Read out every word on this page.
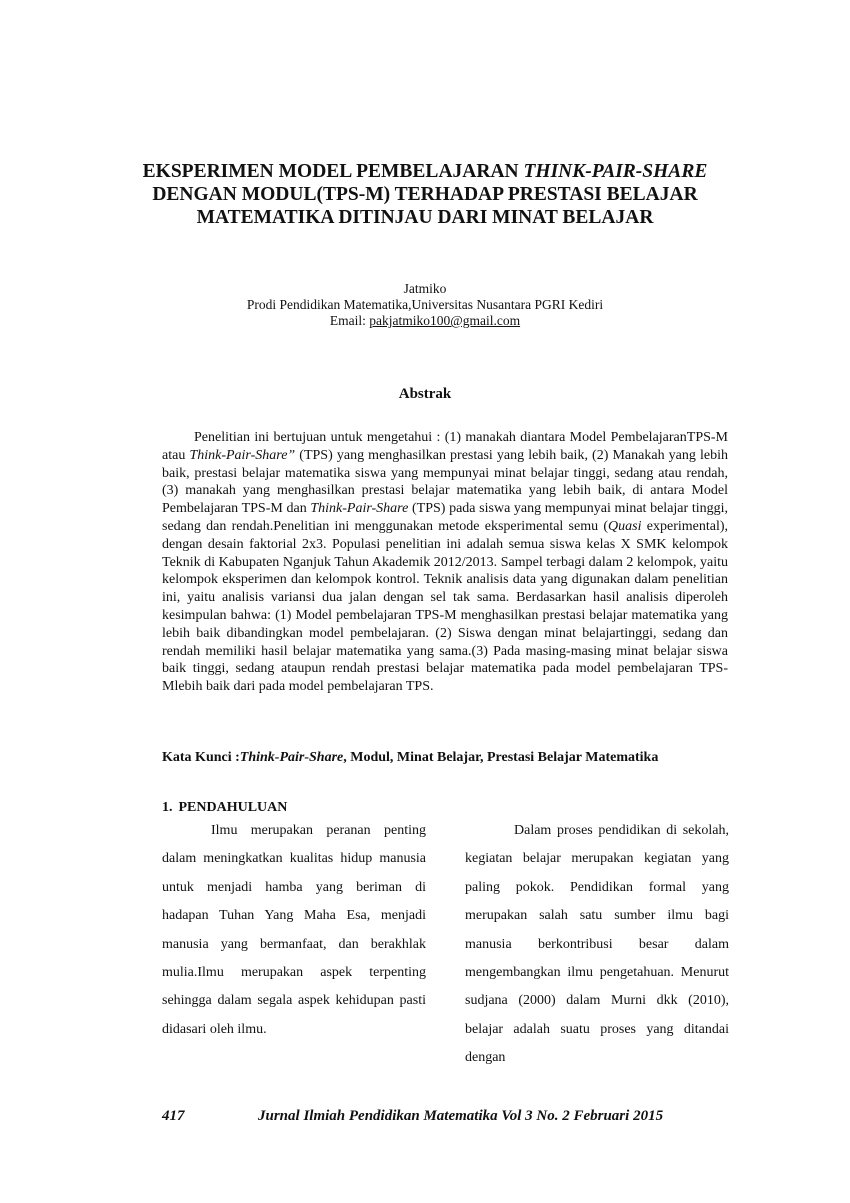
EKSPERIMEN MODEL PEMBELAJARAN THINK-PAIR-SHARE DENGAN MODUL(TPS-M) TERHADAP PRESTASI BELAJAR MATEMATIKA DITINJAU DARI MINAT BELAJAR
Jatmiko
Prodi Pendidikan Matematika,Universitas Nusantara PGRI Kediri
Email: pakjatmiko100@gmail.com
Abstrak

Penelitian ini bertujuan untuk mengetahui : (1) manakah diantara Model PembelajaranTPS-M atau Think-Pair-Share” (TPS) yang menghasilkan prestasi yang lebih baik, (2) Manakah yang lebih baik, prestasi belajar matematika siswa yang mempunyai minat belajar tinggi, sedang atau rendah, (3) manakah yang menghasilkan prestasi belajar matematika yang lebih baik, di antara Model Pembelajaran TPS-M dan Think-Pair-Share (TPS) pada siswa yang mempunyai minat belajar tinggi, sedang dan rendah.Penelitian ini menggunakan metode eksperimental semu (Quasi experimental), dengan desain faktorial 2x3. Populasi penelitian ini adalah semua siswa kelas X SMK kelompok Teknik di Kabupaten Nganjuk Tahun Akademik 2012/2013. Sampel terbagi dalam 2 kelompok, yaitu kelompok eksperimen dan kelompok kontrol. Teknik analisis data yang digunakan dalam penelitian ini, yaitu analisis variansi dua jalan dengan sel tak sama. Berdasarkan hasil analisis diperoleh kesimpulan bahwa: (1) Model pembelajaran TPS-M menghasilkan prestasi belajar matematika yang lebih baik dibandingkan model pembelajaran. (2) Siswa dengan minat belajartinggi, sedang dan rendah memiliki hasil belajar matematika yang sama.(3) Pada masing-masing minat belajar siswa baik tinggi, sedang ataupun rendah prestasi belajar matematika pada model pembelajaran TPS-Mlebih baik dari pada model pembelajaran TPS.

Kata Kunci :Think-Pair-Share, Modul, Minat Belajar, Prestasi Belajar Matematika
1. PENDAHULUAN

Ilmu merupakan peranan penting dalam meningkatkan kualitas hidup manusia untuk menjadi hamba yang beriman di hadapan Tuhan Yang Maha Esa, menjadi manusia yang bermanfaat, dan berakhlak mulia.Ilmu merupakan aspek terpenting sehingga dalam segala aspek kehidupan pasti didasari oleh ilmu.

Dalam proses pendidikan di sekolah, kegiatan belajar merupakan kegiatan yang paling pokok. Pendidikan formal yang merupakan salah satu sumber ilmu bagi manusia berkontribusi besar dalam mengembangkan ilmu pengetahuan. Menurut sudjana (2000) dalam Murni dkk (2010), belajar adalah suatu proses yang ditandai dengan

417	Jurnal Ilmiah Pendidikan Matematika Vol 3 No. 2 Februari 2015
